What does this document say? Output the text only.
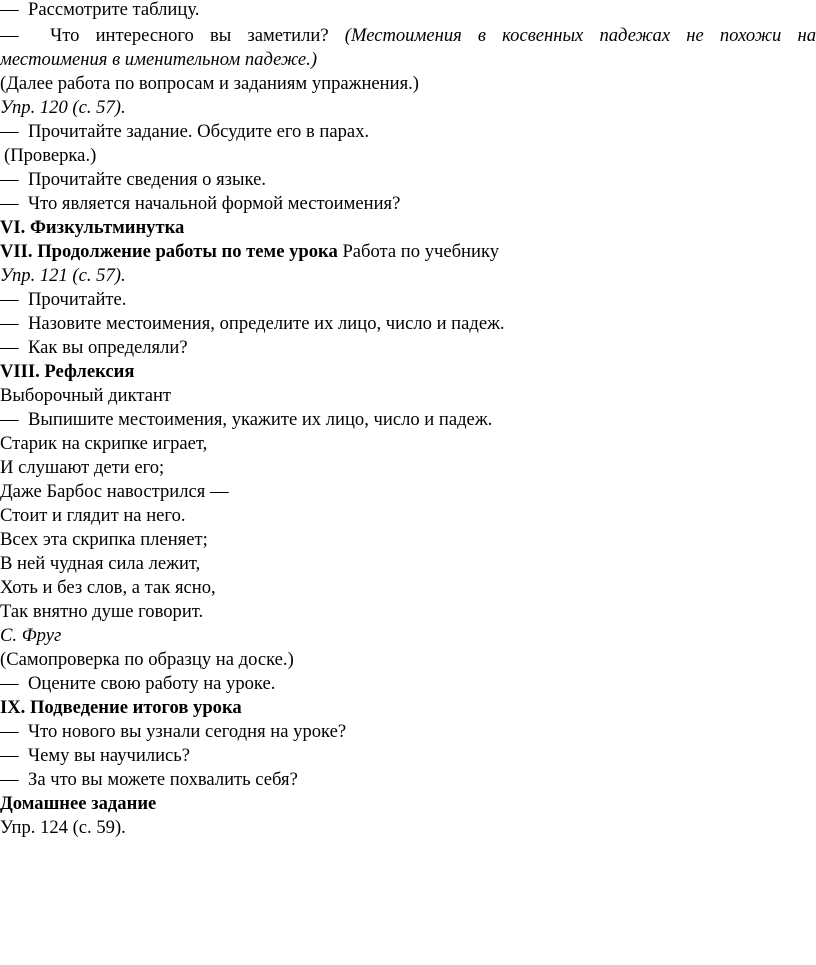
— Рассмотрите таблицу.
— Что интересного вы заметили? (Местоимения в косвенных падежах не похожи на
местоимения в именительном падеже.)
(Далее работа по вопросам и заданиям упражнения.)
Упр. 120 (с. 57).
— Прочитайте задание. Обсудите его в парах.
(Проверка.)
— Прочитайте сведения о языке.
— Что является начальной формой местоимения?
VI. Физкультминутка
VII. Продолжение работы по теме урока Работа по учебнику
Упр. 121 (с. 57).
— Прочитайте.
— Назовите местоимения, определите их лицо, число и падеж.
— Как вы определяли?
VIII. Рефлексия
Выборочный диктант
— Выпишите местоимения, укажите их лицо, число и падеж.
Старик на скрипке играет,
И слушают дети его;
Даже Барбос навострился —
Стоит и глядит на него.
Всех эта скрипка пленяет;
В ней чудная сила лежит,
Хоть и без слов, а так ясно,
Так внятно душе говорит.
С. Фруг
(Самопроверка по образцу на доске.)
— Оцените свою работу на уроке.
IX. Подведение итогов урока
— Что нового вы узнали сегодня на уроке?
— Чему вы научились?
— За что вы можете похвалить себя?
Домашнее задание
Упр. 124 (с. 59).
